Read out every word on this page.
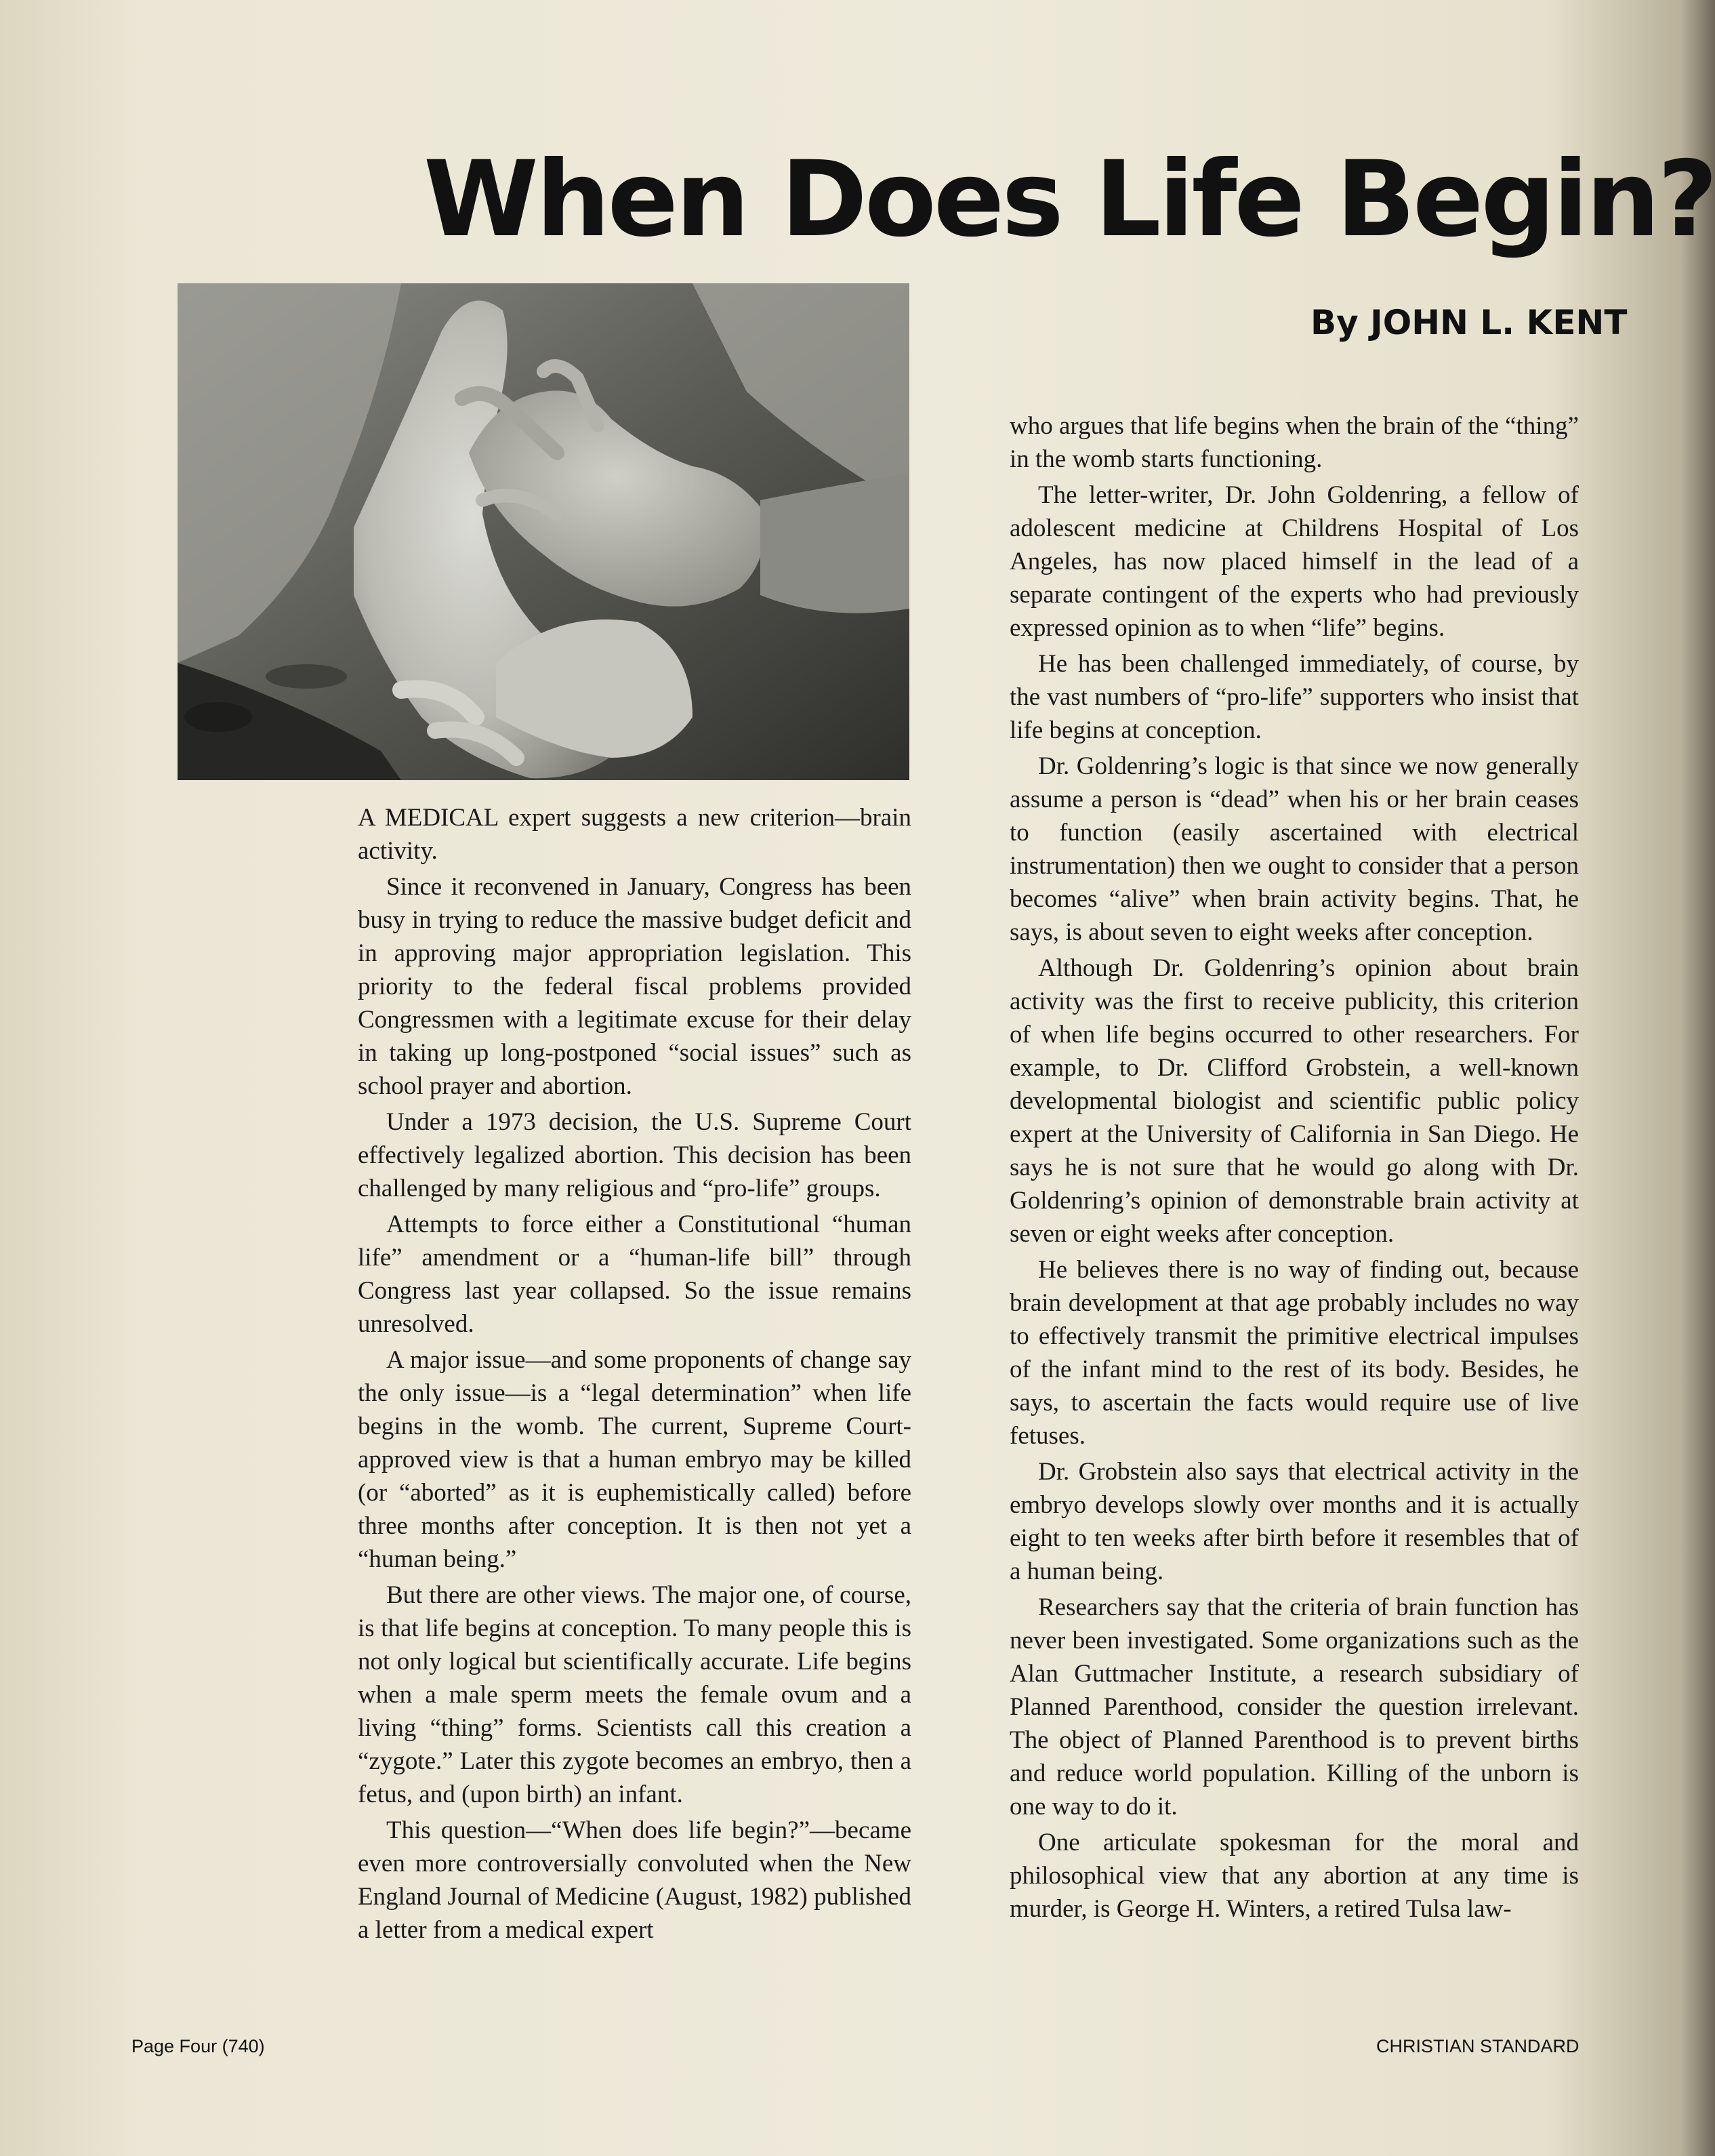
When Does Life Begin?
By JOHN L. KENT

A MEDICAL expert suggests a new criterion—brain activity.

Since it reconvened in January, Congress has been busy in trying to reduce the massive budget deficit and in approving major appropriation legislation. This priority to the federal fiscal problems provided Congressmen with a legitimate excuse for their delay in taking up long-postponed “social issues” such as school prayer and abortion.

Under a 1973 decision, the U.S. Supreme Court effectively legalized abortion. This decision has been challenged by many religious and “pro-life” groups.

Attempts to force either a Constitutional “human life” amendment or a “human-life bill” through Congress last year collapsed. So the issue remains unresolved.

A major issue—and some proponents of change say the only issue—is a “legal determination” when life begins in the womb. The current, Supreme Court-approved view is that a human embryo may be killed (or “aborted” as it is euphemistically called) before three months after conception. It is then not yet a “human being.”

But there are other views. The major one, of course, is that life begins at conception. To many people this is not only logical but scientifically accurate. Life begins when a male sperm meets the female ovum and a living “thing” forms. Scientists call this creation a “zygote.” Later this zygote becomes an embryo, then a fetus, and (upon birth) an infant.

This question—“When does life begin?”—became even more controversially convoluted when the New England Journal of Medicine (August, 1982) published a letter from a medical expert

who argues that life begins when the brain of the “thing” in the womb starts functioning.

The letter-writer, Dr. John Goldenring, a fellow of adolescent medicine at Childrens Hospital of Los Angeles, has now placed himself in the lead of a separate contingent of the experts who had previously expressed opinion as to when “life” begins.

He has been challenged immediately, of course, by the vast numbers of “pro-life” supporters who insist that life begins at conception.

Dr. Goldenring’s logic is that since we now generally assume a person is “dead” when his or her brain ceases to function (easily ascertained with electrical instrumentation) then we ought to consider that a person becomes “alive” when brain activity begins. That, he says, is about seven to eight weeks after conception.

Although Dr. Goldenring’s opinion about brain activity was the first to receive publicity, this criterion of when life begins occurred to other researchers. For example, to Dr. Clifford Grobstein, a well-known developmental biologist and scientific public policy expert at the University of California in San Diego. He says he is not sure that he would go along with Dr. Goldenring’s opinion of demonstrable brain activity at seven or eight weeks after conception.

He believes there is no way of finding out, because brain development at that age probably includes no way to effectively transmit the primitive electrical impulses of the infant mind to the rest of its body. Besides, he says, to ascertain the facts would require use of live fetuses.

Dr. Grobstein also says that electrical activity in the embryo develops slowly over months and it is actually eight to ten weeks after birth before it resembles that of a human being.

Researchers say that the criteria of brain function has never been investigated. Some organizations such as the Alan Guttmacher Institute, a research subsidiary of Planned Parenthood, consider the question irrelevant. The object of Planned Parenthood is to prevent births and reduce world population. Killing of the unborn is one way to do it.

One articulate spokesman for the moral and philosophical view that any abortion at any time is murder, is George H. Winters, a retired Tulsa law-

Page Four (740)	CHRISTIAN STANDARD
